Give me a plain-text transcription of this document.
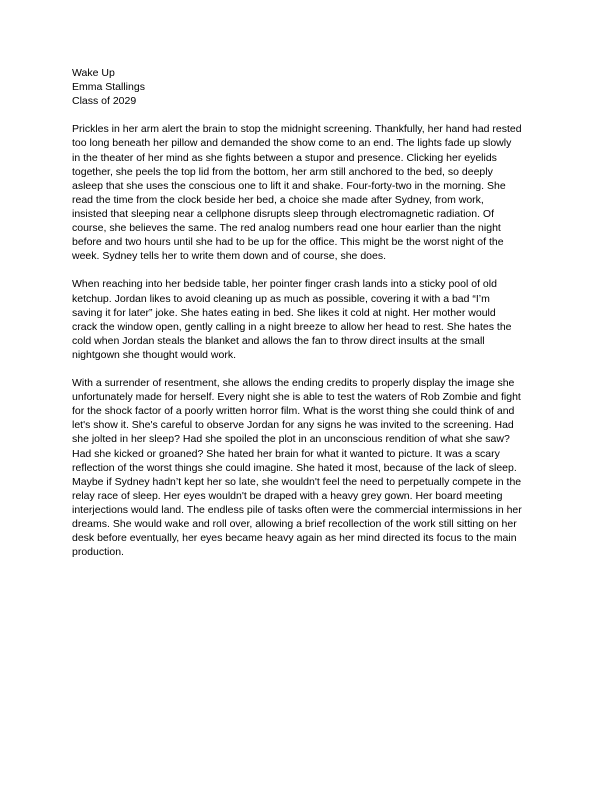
Wake Up
Emma Stallings
Class of 2029

Prickles in her arm alert the brain to stop the midnight screening. Thankfully, her hand had rested too long beneath her pillow and demanded the show come to an end. The lights fade up slowly in the theater of her mind as she fights between a stupor and presence. Clicking her eyelids together, she peels the top lid from the bottom, her arm still anchored to the bed, so deeply asleep that she uses the conscious one to lift it and shake. Four-forty-two in the morning. She read the time from the clock beside her bed, a choice she made after Sydney, from work, insisted that sleeping near a cellphone disrupts sleep through electromagnetic radiation. Of course, she believes the same. The red analog numbers read one hour earlier than the night before and two hours until she had to be up for the office. This might be the worst night of the week. Sydney tells her to write them down and of course, she does.

When reaching into her bedside table, her pointer finger crash lands into a sticky pool of old ketchup. Jordan likes to avoid cleaning up as much as possible, covering it with a bad “I’m saving it for later” joke. She hates eating in bed. She likes it cold at night. Her mother would crack the window open, gently calling in a night breeze to allow her head to rest. She hates the cold when Jordan steals the blanket and allows the fan to throw direct insults at the small nightgown she thought would work.

With a surrender of resentment, she allows the ending credits to properly display the image she unfortunately made for herself. Every night she is able to test the waters of Rob Zombie and fight for the shock factor of a poorly written horror film. What is the worst thing she could think of and let's show it. She's careful to observe Jordan for any signs he was invited to the screening. Had she jolted in her sleep? Had she spoiled the plot in an unconscious rendition of what she saw? Had she kicked or groaned? She hated her brain for what it wanted to picture. It was a scary reflection of the worst things she could imagine. She hated it most, because of the lack of sleep. Maybe if Sydney hadn’t kept her so late, she wouldn't feel the need to perpetually compete in the relay race of sleep. Her eyes wouldn't be draped with a heavy grey gown. Her board meeting interjections would land. The endless pile of tasks often were the commercial intermissions in her dreams. She would wake and roll over, allowing a brief recollection of the work still sitting on her desk before eventually, her eyes became heavy again as her mind directed its focus to the main production.
